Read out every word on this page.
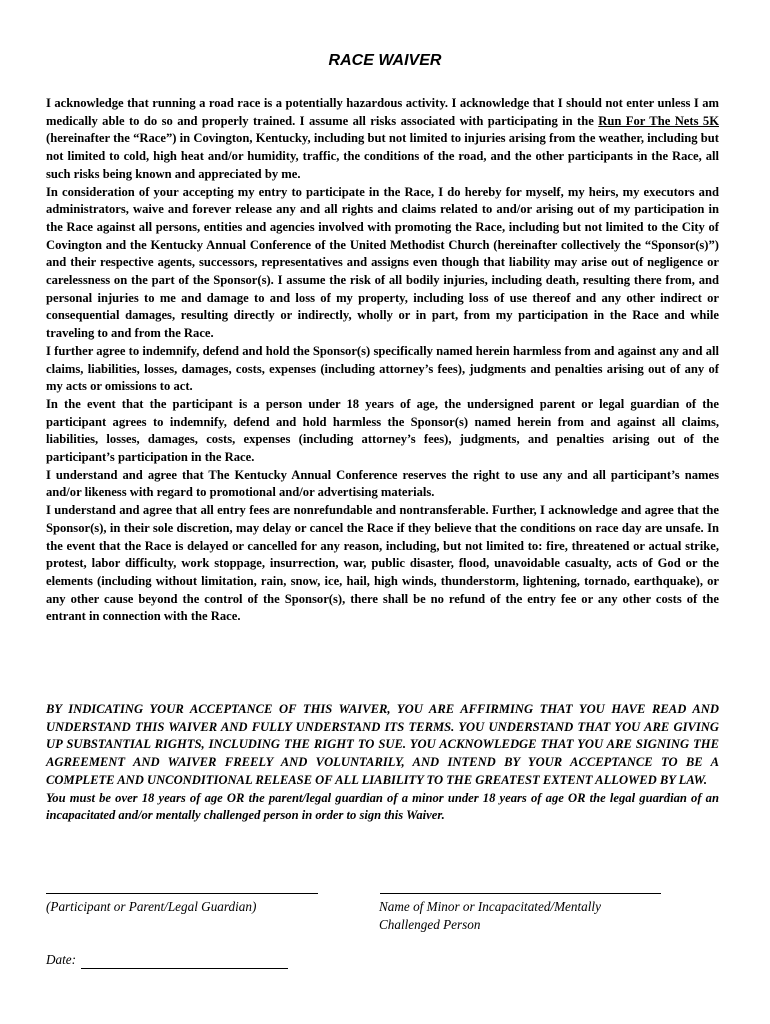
RACE WAIVER

I acknowledge that running a road race is a potentially hazardous activity. I acknowledge that I should not enter unless I am medically able to do so and properly trained. I assume all risks associated with participating in the Run For The Nets 5K (hereinafter the “Race”) in Covington, Kentucky, including but not limited to injuries arising from the weather, including but not limited to cold, high heat and/or humidity, traffic, the conditions of the road, and the other participants in the Race, all such risks being known and appreciated by me.

In consideration of your accepting my entry to participate in the Race, I do hereby for myself, my heirs, my executors and administrators, waive and forever release any and all rights and claims related to and/or arising out of my participation in the Race against all persons, entities and agencies involved with promoting the Race, including but not limited to the City of Covington and the Kentucky Annual Conference of the United Methodist Church (hereinafter collectively the “Sponsor(s)”) and their respective agents, successors, representatives and assigns even though that liability may arise out of negligence or carelessness on the part of the Sponsor(s). I assume the risk of all bodily injuries, including death, resulting there from, and personal injuries to me and damage to and loss of my property, including loss of use thereof and any other indirect or consequential damages, resulting directly or indirectly, wholly or in part, from my participation in the Race and while traveling to and from the Race.

I further agree to indemnify, defend and hold the Sponsor(s) specifically named herein harmless from and against any and all claims, liabilities, losses, damages, costs, expenses (including attorney’s fees), judgments and penalties arising out of any of my acts or omissions to act.

In the event that the participant is a person under 18 years of age, the undersigned parent or legal guardian of the participant agrees to indemnify, defend and hold harmless the Sponsor(s) named herein from and against all claims, liabilities, losses, damages, costs, expenses (including attorney’s fees), judgments, and penalties arising out of the participant’s participation in the Race.

I understand and agree that The Kentucky Annual Conference reserves the right to use any and all participant’s names and/or likeness with regard to promotional and/or advertising materials.

I understand and agree that all entry fees are nonrefundable and nontransferable. Further, I acknowledge and agree that the Sponsor(s), in their sole discretion, may delay or cancel the Race if they believe that the conditions on race day are unsafe. In the event that the Race is delayed or cancelled for any reason, including, but not limited to: fire, threatened or actual strike, protest, labor difficulty, work stoppage, insurrection, war, public disaster, flood, unavoidable casualty, acts of God or the elements (including without limitation, rain, snow, ice, hail, high winds, thunderstorm, lightening, tornado, earthquake), or any other cause beyond the control of the Sponsor(s), there shall be no refund of the entry fee or any other costs of the entrant in connection with the Race.

BY INDICATING YOUR ACCEPTANCE OF THIS WAIVER, YOU ARE AFFIRMING THAT YOU HAVE READ AND UNDERSTAND THIS WAIVER AND FULLY UNDERSTAND ITS TERMS. YOU UNDERSTAND THAT YOU ARE GIVING UP SUBSTANTIAL RIGHTS, INCLUDING THE RIGHT TO SUE. YOU ACKNOWLEDGE THAT YOU ARE SIGNING THE AGREEMENT AND WAIVER FREELY AND VOLUNTARILY, AND INTEND BY YOUR ACCEPTANCE TO BE A COMPLETE AND UNCONDITIONAL RELEASE OF ALL LIABILITY TO THE GREATEST EXTENT ALLOWED BY LAW.

You must be over 18 years of age OR the parent/legal guardian of a minor under 18 years of age OR the legal guardian of an incapacitated and/or mentally challenged person in order to sign this Waiver.

(Participant or Parent/Legal Guardian)	Name of Minor or Incapacitated/Mentally
Challenged Person
Date:
